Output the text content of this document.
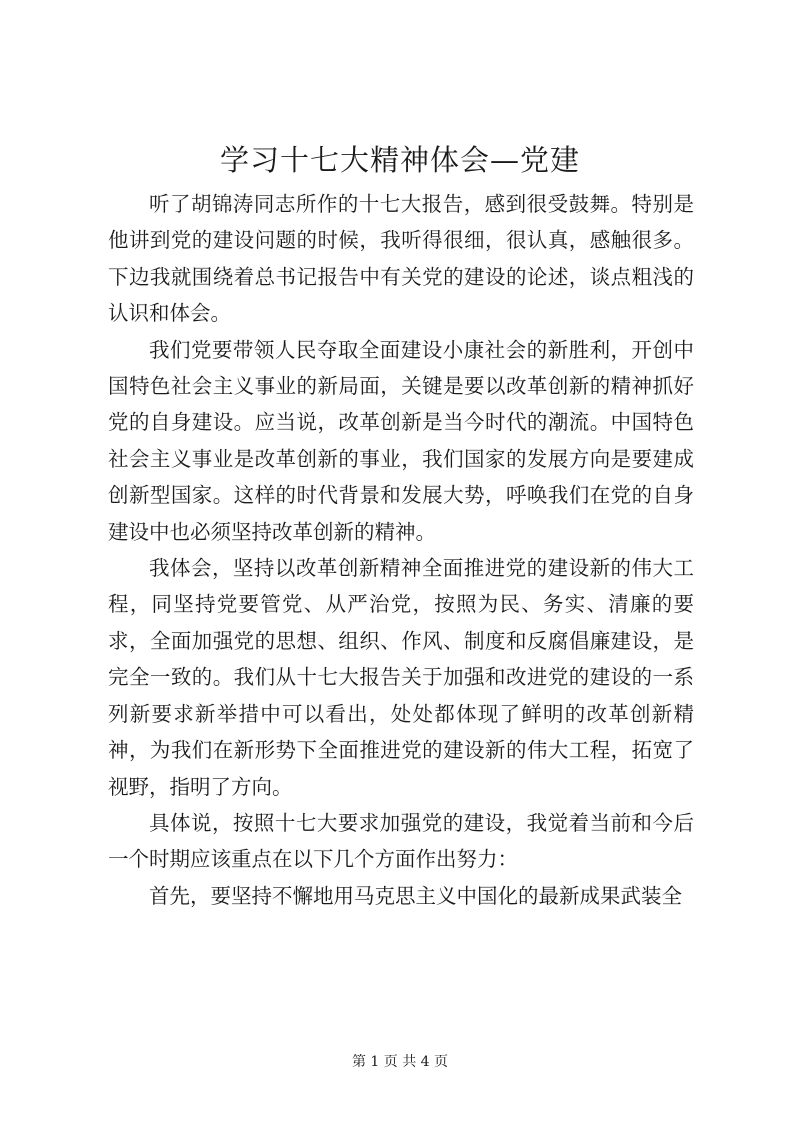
学习十七大精神体会—党建

听了胡锦涛同志所作的十七大报告，感到很受鼓舞。特别是他讲到党的建设问题的时候，我听得很细，很认真，感触很多。下边我就围绕着总书记报告中有关党的建设的论述，谈点粗浅的认识和体会。

我们党要带领人民夺取全面建设小康社会的新胜利，开创中国特色社会主义事业的新局面，关键是要以改革创新的精神抓好党的自身建设。应当说，改革创新是当今时代的潮流。中国特色社会主义事业是改革创新的事业，我们国家的发展方向是要建成创新型国家。这样的时代背景和发展大势，呼唤我们在党的自身建设中也必须坚持改革创新的精神。

我体会，坚持以改革创新精神全面推进党的建设新的伟大工程，同坚持党要管党、从严治党，按照为民、务实、清廉的要求，全面加强党的思想、组织、作风、制度和反腐倡廉建设，是完全一致的。我们从十七大报告关于加强和改进党的建设的一系列新要求新举措中可以看出，处处都体现了鲜明的改革创新精神，为我们在新形势下全面推进党的建设新的伟大工程，拓宽了视野，指明了方向。

具体说，按照十七大要求加强党的建设，我觉着当前和今后一个时期应该重点在以下几个方面作出努力：

首先，要坚持不懈地用马克思主义中国化的最新成果武装全

第 1 页 共 4 页
